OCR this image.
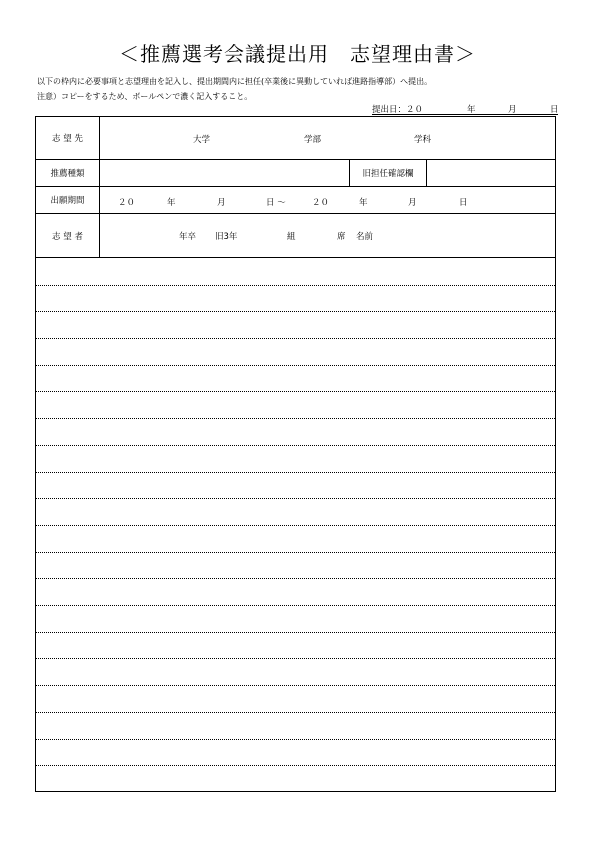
＜推薦選考会議提出用　志望理由書＞
以下の枠内に必要事項と志望理由を記入し、提出期間内に担任(卒業後に異動していれば進路指導部）へ提出。
注意）コピーをするため、ボールペンで濃く記入すること。
提出日：２０	年	月	日
志 望 先	大学	学部	学科
推薦種類	旧担任確認欄
出願期間	２０	年	月	日 ～	２０	年	月	日
志 望 者	年卒 旧3年	組	席 名前
